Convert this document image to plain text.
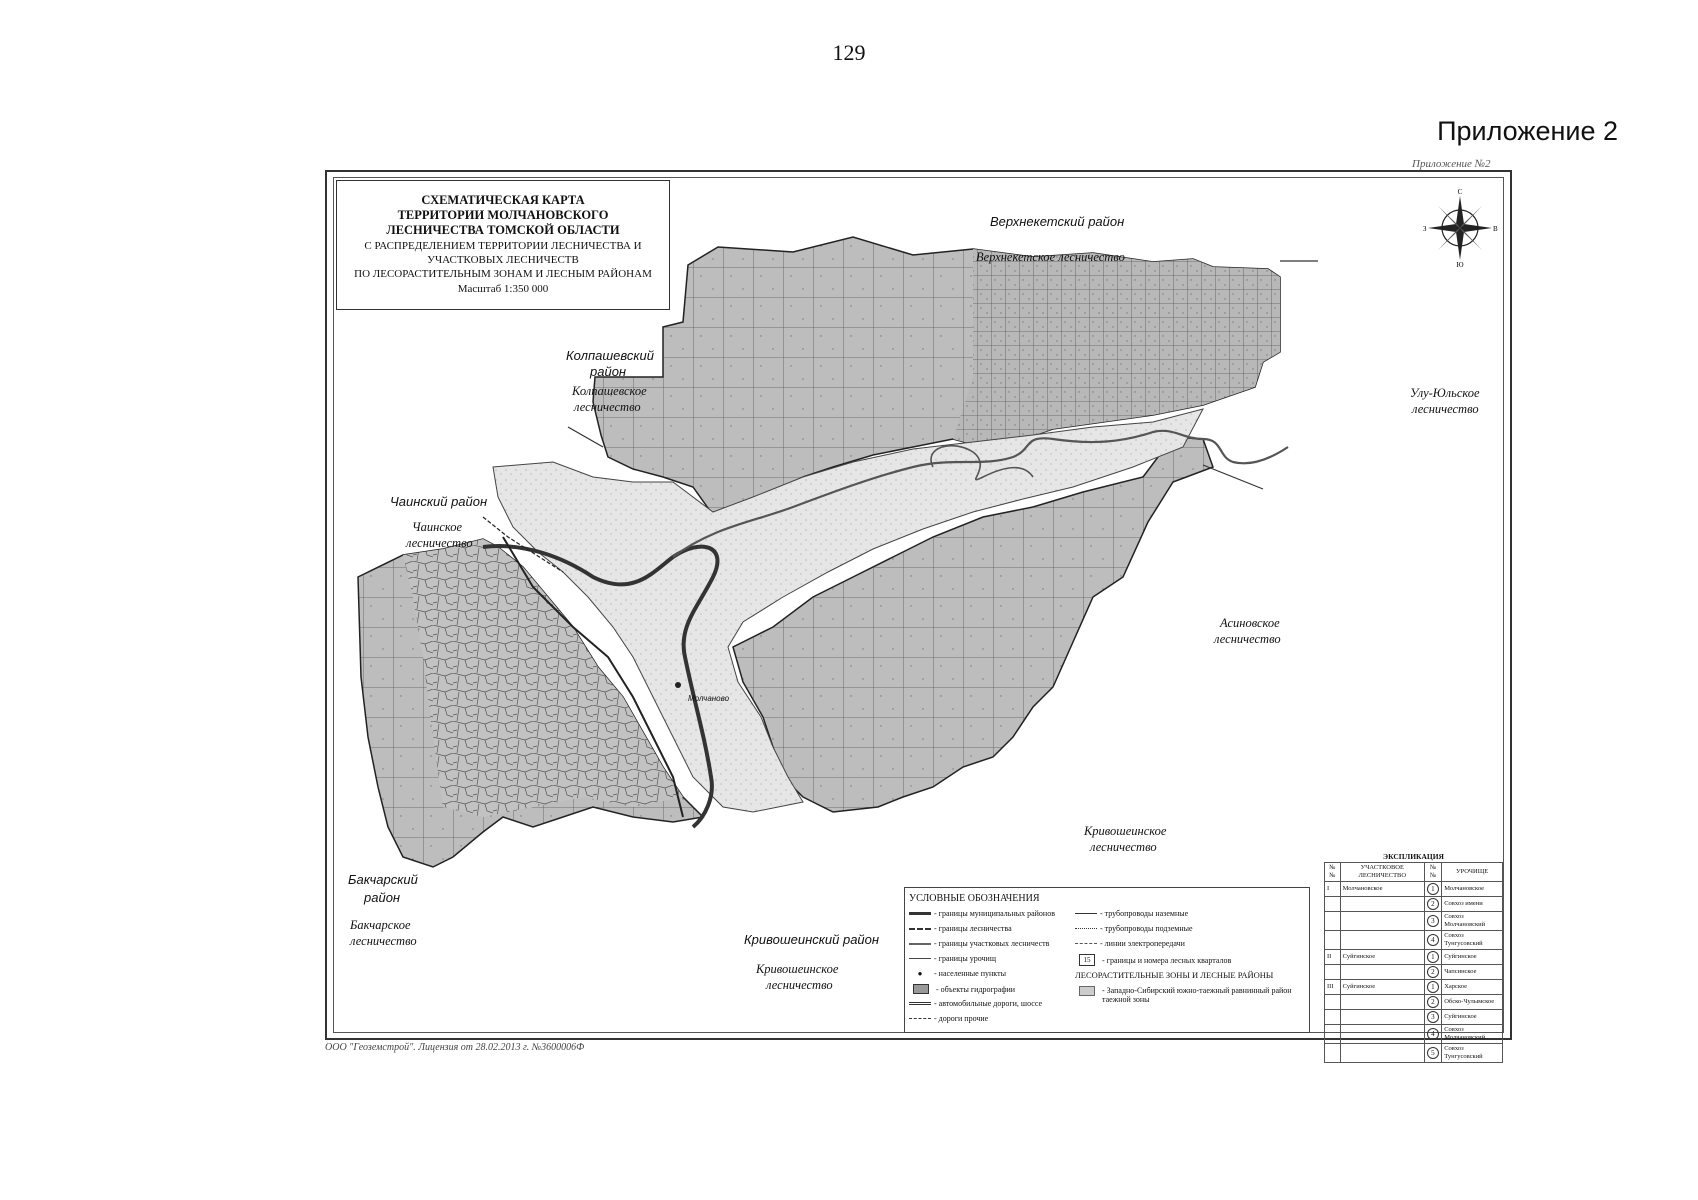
129
Приложение 2
Приложение №2
СХЕМАТИЧЕСКАЯ КАРТА
ТЕРРИТОРИИ МОЛЧАНОВСКОГО
ЛЕСНИЧЕСТВА ТОМСКОЙ ОБЛАСТИ
С РАСПРЕДЕЛЕНИЕМ ТЕРРИТОРИИ ЛЕСНИЧЕСТВА И
УЧАСТКОВЫХ ЛЕСНИЧЕСТВ
ПО ЛЕСОРАСТИТЕЛЬНЫМ ЗОНАМ И ЛЕСНЫМ РАЙОНАМ
Масштаб 1:350 000
С
Ю
З	В
Верхнекетский район
Верхнекетское лесничество
Колпашевский
район
Колпашевское
лесничество
Чаинский район
Чаинское
лесничество
Улу-Юльское
лесничество
Асиновское
лесничество
Кривошеинское
лесничество
Бакчарский
район
Бакчарское
лесничество	Кривошеинский район
Кривошеинское
лесничество
Молчаново
УСЛОВНЫЕ ОБОЗНАЧЕНИЯ
- границы муниципальных районов
- границы лесничества
- границы участковых лесничеств
- границы урочищ
●	- населенные пункты
- объекты гидрографии
- автомобильные дороги, шоссе
- дороги прочие
- трубопроводы наземные
- трубопроводы подземные
- линии электропередачи
15	- границы и номера лесных кварталов
ЛЕСОРАСТИТЕЛЬНЫЕ ЗОНЫ И ЛЕСНЫЕ РАЙОНЫ
- Западно-Сибирский южно-таежный равнинный район таежной зоны
ЭКСПЛИКАЦИЯ
№№	УЧАСТКОВОЕ ЛЕСНИЧЕСТВО	№№	УРОЧИЩЕ
I	Молчановское	1	Молчановское
		2	Совхоз имени
		3	Совхоз Молчановский
		4	Совхоз Тунгусовский
II	Суйгинское	1	Суйгинское
		2	Чапсинское
III	Суйгинское	1	Харское
		2	Обско-Чулымское
		3	Суйгинское
		4	Совхоз Молчановский
		5	Совхоз Тунгусовский
ООО "Геоземстрой". Лицензия от 28.02.2013 г. №3600006Ф
